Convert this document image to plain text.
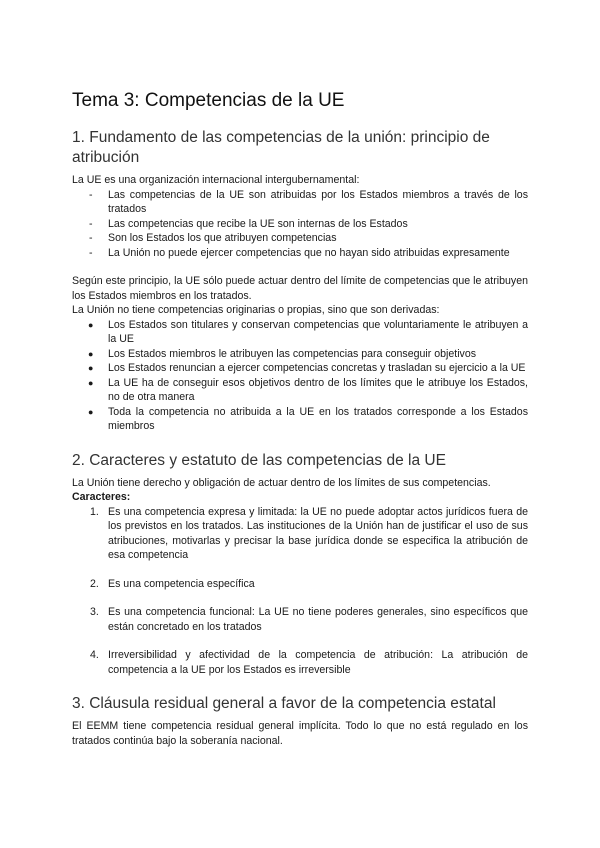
Tema 3: Competencias de la UE
1. Fundamento de las competencias de la unión: principio de atribución

La UE es una organización internacional intergubernamental:

- Las competencias de la UE son atribuidas por los Estados miembros a través de los tratados
- Las competencias que recibe la UE son internas de los Estados
- Son los Estados los que atribuyen competencias
- La Unión no puede ejercer competencias que no hayan sido atribuidas expresamente

Según este principio, la UE sólo puede actuar dentro del límite de competencias que le atribuyen los Estados miembros en los tratados.

La Unión no tiene competencias originarias o propias, sino que son derivadas:

● Los Estados son titulares y conservan competencias que voluntariamente le atribuyen a la UE
● Los Estados miembros le atribuyen las competencias para conseguir objetivos
● Los Estados renuncian a ejercer competencias concretas y trasladan su ejercicio a la UE
● La UE ha de conseguir esos objetivos dentro de los límites que le atribuye los Estados, no de otra manera
● Toda la competencia no atribuida a la UE en los tratados corresponde a los Estados miembros
2. Caracteres y estatuto de las competencias de la UE

La Unión tiene derecho y obligación de actuar dentro de los límites de sus competencias.

Caracteres:
1. Es una competencia expresa y limitada: la UE no puede adoptar actos jurídicos fuera de los previstos en los tratados. Las instituciones de la Unión han de justificar el uso de sus atribuciones, motivarlas y precisar la base jurídica donde se especifica la atribución de esa competencia
2. Es una competencia específica
3. Es una competencia funcional: La UE no tiene poderes generales, sino específicos que están concretado en los tratados
4. Irreversibilidad y afectividad de la competencia de atribución: La atribución de competencia a la UE por los Estados es irreversible
3. Cláusula residual general a favor de la competencia estatal

El EEMM tiene competencia residual general implícita. Todo lo que no está regulado en los tratados continúa bajo la soberanía nacional.
